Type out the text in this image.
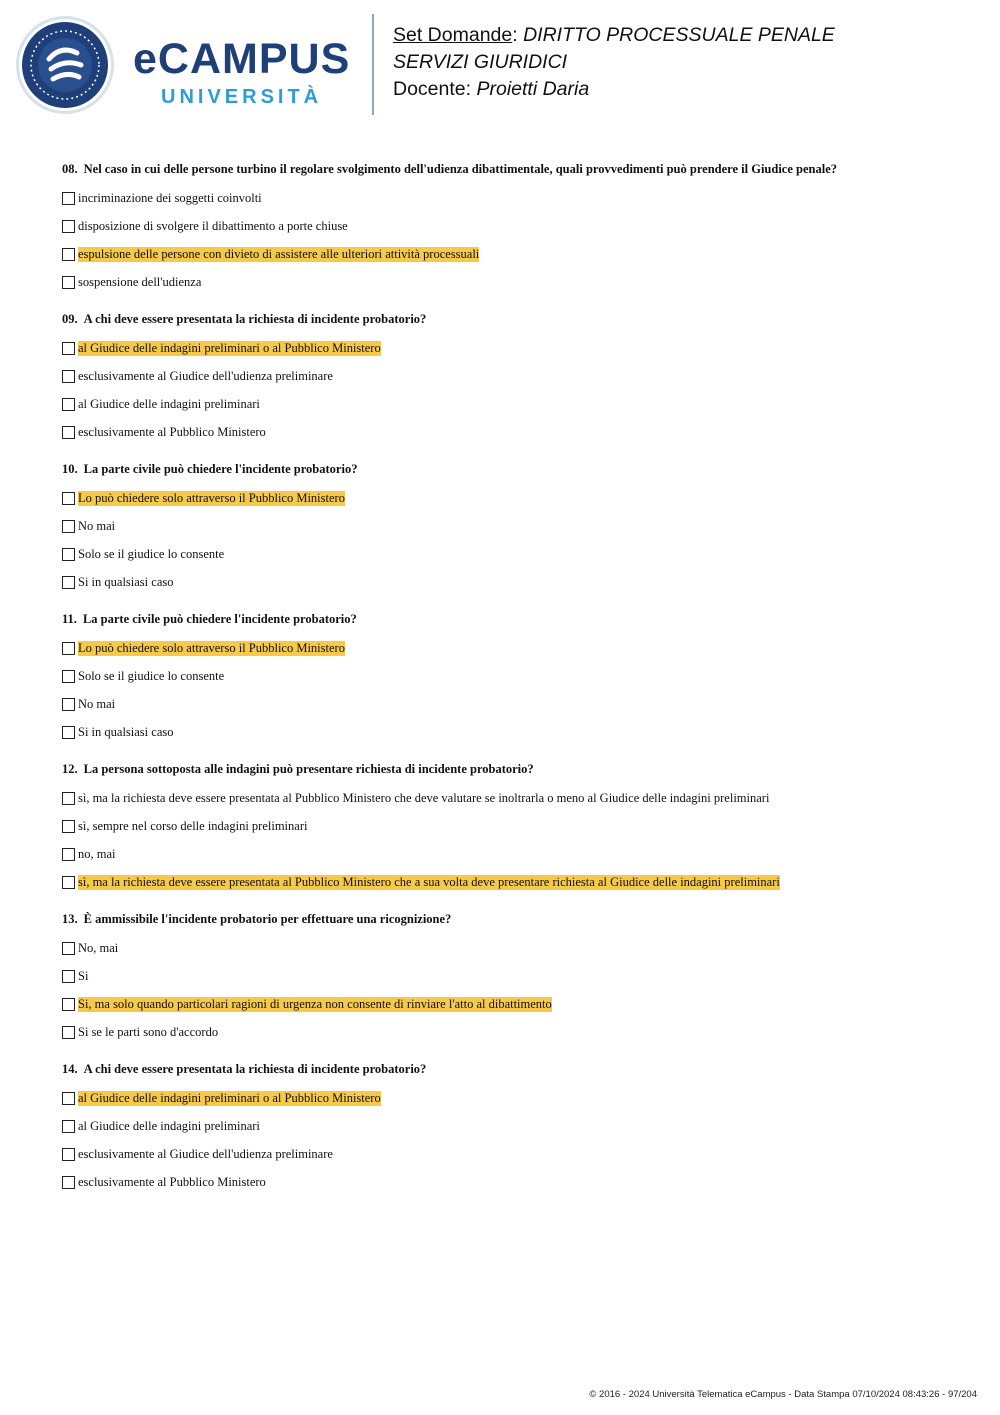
eCAMPUS
UNIVERSITÀ
Set Domande: DIRITTO PROCESSUALE PENALE
SERVIZI GIURIDICI
Docente: Proietti Daria
08. Nel caso in cui delle persone turbino il regolare svolgimento dell'udienza dibattimentale, quali provvedimenti può prendere il Giudice penale?
incriminazione dei soggetti coinvolti
disposizione di svolgere il dibattimento a porte chiuse
espulsione delle persone con divieto di assistere alle ulteriori attività processuali
sospensione dell'udienza
09. A chi deve essere presentata la richiesta di incidente probatorio?
al Giudice delle indagini preliminari o al Pubblico Ministero
esclusivamente al Giudice dell'udienza preliminare
al Giudice delle indagini preliminari
esclusivamente al Pubblico Ministero
10. La parte civile può chiedere l'incidente probatorio?
Lo può chiedere solo attraverso il Pubblico Ministero
No mai
Solo se il giudice lo consente
Si in qualsiasi caso
11. La parte civile può chiedere l'incidente probatorio?
Lo può chiedere solo attraverso il Pubblico Ministero
Solo se il giudice lo consente
No mai
Si in qualsiasi caso
12. La persona sottoposta alle indagini può presentare richiesta di incidente probatorio?
sì, ma la richiesta deve essere presentata al Pubblico Ministero che deve valutare se inoltrarla o meno al Giudice delle indagini preliminari
sì, sempre nel corso delle indagini preliminari
no, mai
sì, ma la richiesta deve essere presentata al Pubblico Ministero che a sua volta deve presentare richiesta al Giudice delle indagini preliminari
13. È ammissibile l'incidente probatorio per effettuare una ricognizione?
No, mai
Si
Si, ma solo quando particolari ragioni di urgenza non consente di rinviare l'atto al dibattimento
Si se le parti sono d'accordo
14. A chi deve essere presentata la richiesta di incidente probatorio?
al Giudice delle indagini preliminari o al Pubblico Ministero
al Giudice delle indagini preliminari
esclusivamente al Giudice dell'udienza preliminare
esclusivamente al Pubblico Ministero
© 2016 - 2024 Università Telematica eCampus - Data Stampa 07/10/2024 08:43:26 - 97/204
